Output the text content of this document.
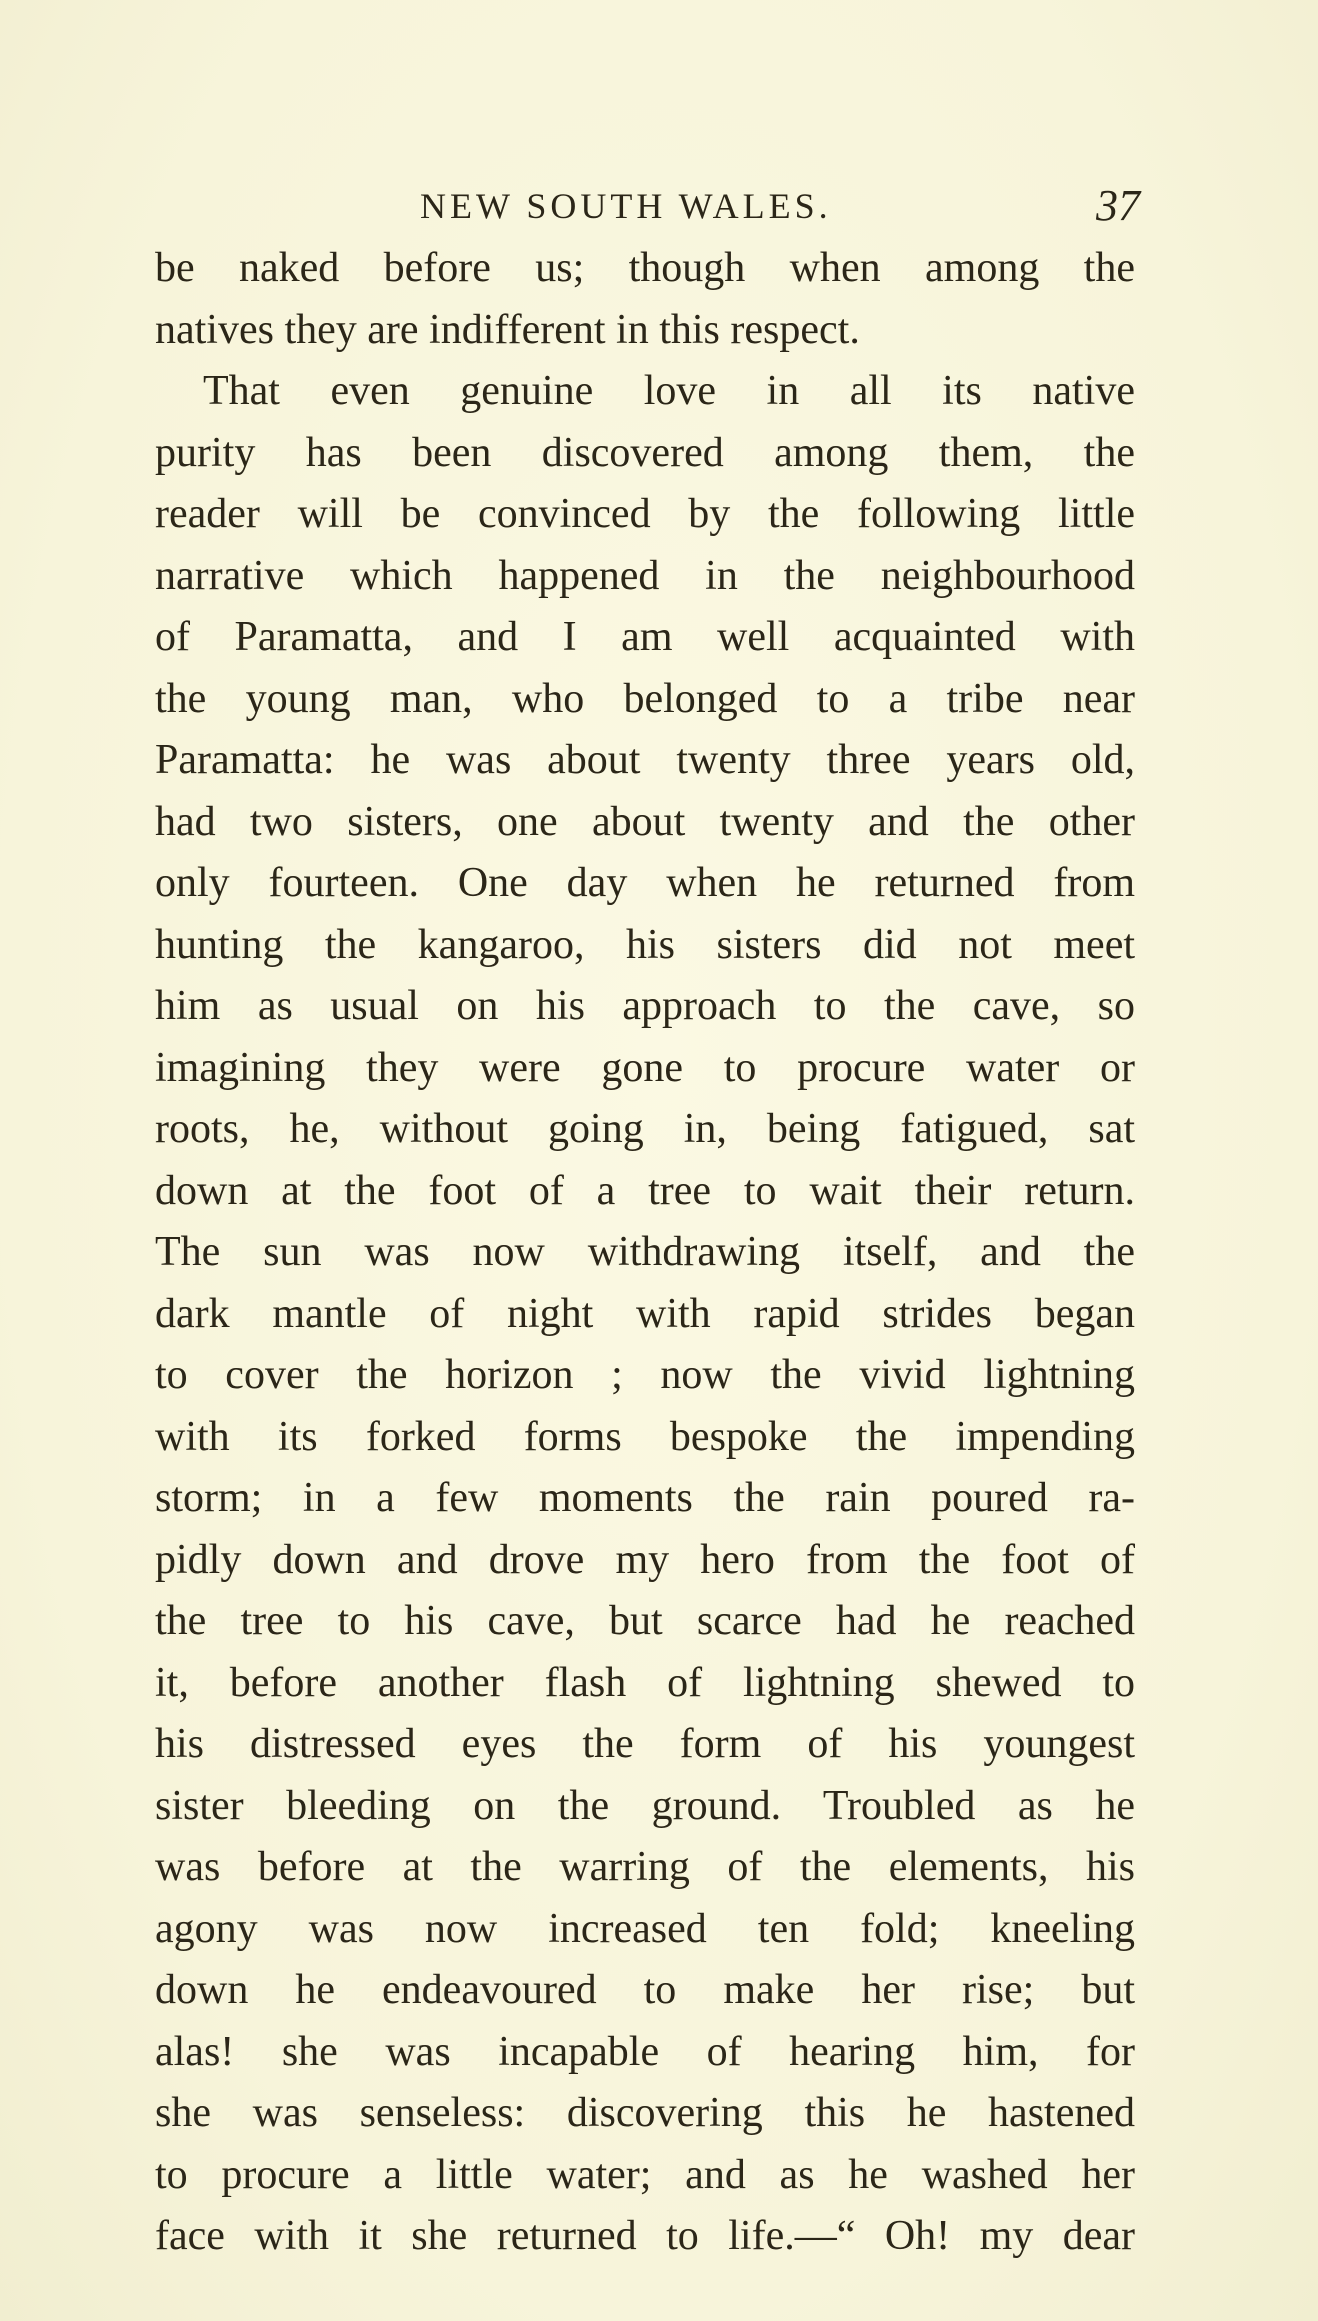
NEW SOUTH WALES.	37
be naked before us; though when among the
natives they are indifferent in this respect.
That even genuine love in all its native
purity has been discovered among them, the
reader will be convinced by the following little
narrative which happened in the neighbourhood
of Paramatta, and I am well acquainted with
the young man, who belonged to a tribe near
Paramatta: he was about twenty three years old,
had two sisters, one about twenty and the other
only fourteen. One day when he returned from
hunting the kangaroo, his sisters did not meet
him as usual on his approach to the cave, so
imagining they were gone to procure water or
roots, he, without going in, being fatigued, sat
down at the foot of a tree to wait their return.
The sun was now withdrawing itself, and the
dark mantle of night with rapid strides began
to cover the horizon ; now the vivid lightning
with its forked forms bespoke the impending
storm; in a few moments the rain poured ra-
pidly down and drove my hero from the foot of
the tree to his cave, but scarce had he reached
it, before another flash of lightning shewed to
his distressed eyes the form of his youngest
sister bleeding on the ground. Troubled as he
was before at the warring of the elements, his
agony was now increased ten fold; kneeling
down he endeavoured to make her rise; but
alas! she was incapable of hearing him, for
she was senseless: discovering this he hastened
to procure a little water; and as he washed her
face with it she returned to life.—“ Oh! my dear
